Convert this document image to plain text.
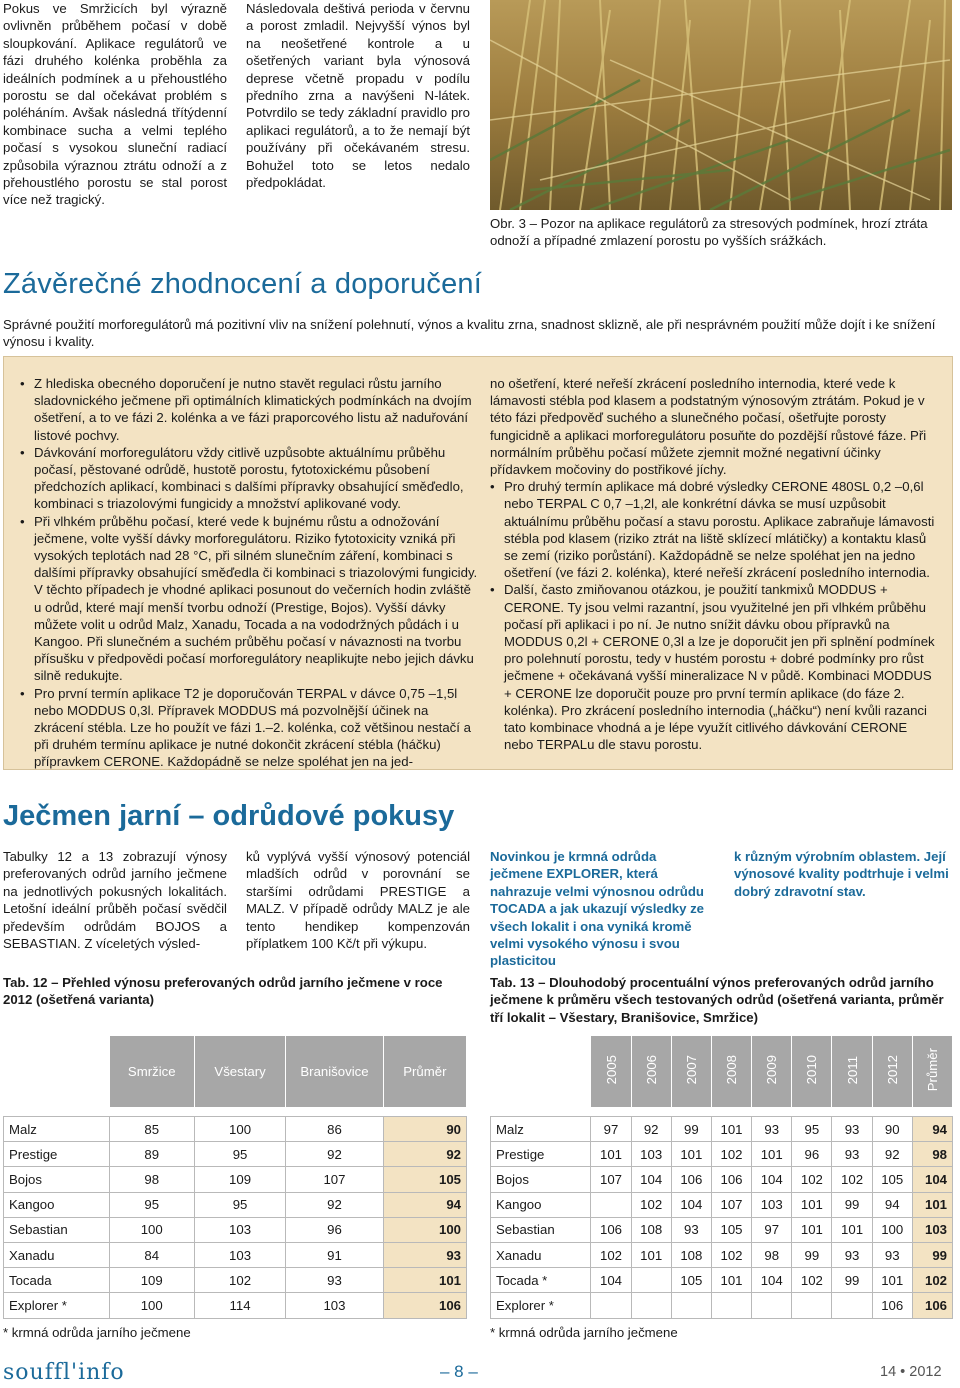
Pokus ve Smržicích byl výrazně ovlivněn průběhem počasí v době sloupkování. Aplikace regulátorů ve fázi druhého kolénka proběhla za ideálních podmínek a u přehoustlého porostu se dal očekávat problém s poléháním. Avšak následná třítýdenní kombinace sucha a velmi teplého počasí s vysokou sluneční radiací způsobila výraznou ztrátu odnoží a z přehoustlého porostu se stal porost více než tragický.
Následovala deštivá perioda v červnu a porost zmladil. Nejvyšší výnos byl na neošetřené kontrole a u ošetřených variant byla výnosová deprese včetně propadu v podílu předního zrna a navýšeni N-látek. Potvrdilo se tedy základní pravidlo pro aplikaci regulátorů, a to že nemají být používány při očekávaném stresu. Bohužel toto se letos nedalo předpokládat.
Obr. 3 – Pozor na aplikace regulátorů za stresových podmínek, hrozí ztráta odnoží a případné zmlazení porostu po vyšších srážkách.
Závěrečné zhodnocení a doporučení
Správné použití morforegulátorů má pozitivní vliv na snížení polehnutí, výnos a kvalitu zrna, snadnost sklizně, ale při nesprávném použití může dojít i ke snížení výnosu i kvality.
• Z hlediska obecného doporučení je nutno stavět regulaci růstu jarního sladovnického ječmene při optimálních klimatických podmínkách na dvojím ošetření, a to ve fázi 2. kolénka a ve fázi praporcového listu až naduřování listové pochvy.
• Dávkování morforegulátoru vždy citlivě uzpůsobte aktuálnímu průběhu počasí, pěstované odrůdě, hustotě porostu, fytotoxickému působení předchozích aplikací, kombinaci s dalšími přípravky obsahující směďedlo, kombinaci s triazolovými fungicidy a množství aplikované vody.
• Při vlhkém průběhu počasí, které vede k bujnému růstu a odnožování ječmene, volte vyšší dávky morforegulátoru. Riziko fytotoxicity vzniká při vysokých teplotách nad 28 °C, při silném slunečním záření, kombinaci s dalšími přípravky obsahující směďedla či kombinaci s triazolovými fungicidy. V těchto případech je vhodné aplikaci posunout do večerních hodin zvláště u odrůd, které mají menší tvorbu odnoží (Prestige, Bojos). Vyšší dávky můžete volit u odrůd Malz, Xanadu, Tocada a na vododržných půdách i u Kangoo. Při slunečném a suchém průběhu počasí v návaznosti na tvorbu přísušku v předpovědi počasí morforegulátory neaplikujte nebo jejich dávku silně redukujte.
• Pro první termín aplikace T2 je doporučován TERPAL v dávce 0,75 –1,5l nebo MODDUS 0,3l. Přípravek MODDUS má pozvolnější účinek na zkrácení stébla. Lze ho použít ve fázi 1.–2. kolénka, což většinou nestačí a při druhém termínu aplikace je nutné dokončit zkrácení stébla (háčku) přípravkem CERONE. Každopádně se nelze spoléhat jen na jed-
no ošetření, které neřeší zkrácení posledního internodia, které vede k lámavosti stébla pod klasem a podstatným výnosovým ztrátám. Pokud je v této fázi předpověď suchého a slunečného počasí, ošetřujte porosty fungicidně a aplikaci morforegulátoru posuňte do pozdější růstové fáze. Při normálním průběhu počasí můžete zjemnit možné negativní účinky přídavkem močoviny do postřikové jíchy.
• Pro druhý termín aplikace má dobré výsledky CERONE 480SL 0,2 –0,6l nebo TERPAL C 0,7 –1,2l, ale konkrétní dávka se musí uzpůsobit aktuálnímu průběhu počasí a stavu porostu. Aplikace zabraňuje lámavosti stébla pod klasem (riziko ztrát na liště sklízecí mlátičky) a kontaktu klasů se zemí (riziko porůstání). Každopádně se nelze spoléhat jen na jedno ošetření (ve fázi 2. kolénka), které neřeší zkrácení posledního internodia.
• Další, často zmiňovanou otázkou, je použití tankmixů MODDUS + CERONE. Ty jsou velmi razantní, jsou využitelné jen při vlhkém průběhu počasí při aplikaci i po ní. Je nutno snížit dávku obou přípravků na MODDUS 0,2l + CERONE 0,3l a lze je doporučit jen při splnění podmínek pro polehnutí porostu, tedy v hustém porostu + dobré podmínky pro růst ječmene + očekávaná vyšší mineralizace N v půdě. Kombinaci MODDUS + CERONE lze doporučit pouze pro první termín aplikace (do fáze 2. kolénka). Pro zkrácení posledního internodia („háčku“) není kvůli razanci tato kombinace vhodná a je lépe využít citlivého dávkování CERONE nebo TERPALu dle stavu porostu.
Ječmen jarní – odrůdové pokusy
Tabulky 12 a 13 zobrazují výnosy preferovaných odrůd jarního ječmene na jednotlivých pokusných lokalitách. Letošní ideální průběh počasí svědčil především odrůdám BOJOS a SEBASTIAN. Z víceletých výsled-
ků vyplývá vyšší výnosový potenciál mladších odrůd v porovnání se staršími odrůdami PRESTIGE a MALZ. V případě odrůdy MALZ je ale tento hendikep kompenzován příplatkem 100 Kč/t při výkupu.
Novinkou je krmná odrůda ječmene EXPLORER, která nahrazuje velmi výnosnou odrůdu TOCADA a jak ukazují výsledky ze všech lokalit i ona vyniká kromě velmi vysokého výnosu i svou plasticitou
k různým výrobním oblastem. Její výnosové kvality podtrhuje i velmi dobrý zdravotní stav.
Tab. 12 – Přehled výnosu preferovaných odrůd jarního ječmene v roce 2012 (ošetřená varianta)
	Smržice	Všestary	Branišovice	Průměr

Malz	85	100	86	90
Prestige	89	95	92	92
Bojos	98	109	107	105
Kangoo	95	95	92	94
Sebastian	100	103	96	100
Xanadu	84	103	91	93
Tocada	109	102	93	101
Explorer *	100	114	103	106
* krmná odrůda jarního ječmene
Tab. 13 – Dlouhodobý procentuální výnos preferovaných odrůd jarního ječmene k průměru všech testovaných odrůd (ošetřená varianta, průměr tří lokalit – Všestary, Branišovice, Smržice)
	2005	2006	2007	2008	2009	2010	2011	2012	Průměr

Malz	97	92	99	101	93	95	93	90	94
Prestige	101	103	101	102	101	96	93	92	98
Bojos	107	104	106	106	104	102	102	105	104
Kangoo		102	104	107	103	101	99	94	101
Sebastian	106	108	93	105	97	101	101	100	103
Xanadu	102	101	108	102	98	99	93	93	99
Tocada *	104		105	101	104	102	99	101	102
Explorer *								106	106
* krmná odrůda jarního ječmene
souffl'info	– 8 –	14 • 2012
